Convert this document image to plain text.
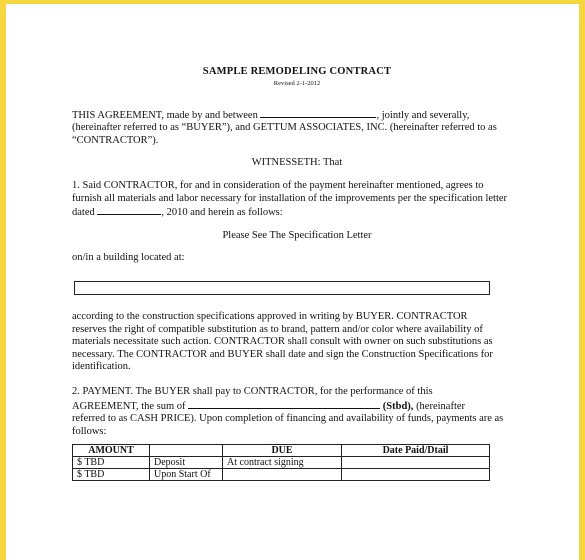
SAMPLE REMODELING CONTRACT
Revised 2-1-2012

THIS AGREEMENT, made by and between	, jointly and severally,
(hereinafter referred to as “BUYER”), and GETTUM ASSOCIATES, INC. (hereinafter referred to as
“CONTRACTOR”).

WITNESSETH: That

1. Said CONTRACTOR, for and in consideration of the payment hereinafter mentioned, agrees to
furnish all materials and labor necessary for installation of the improvements per the specification letter
dated	, 2010 and herein as follows:

Please See The Specification Letter

on/in a building located at:

according to the construction specifications approved in writing by BUYER. CONTRACTOR
reserves the right of compatible substitution as to brand, pattern and/or color where availability of
materials necessitate such action. CONTRACTOR shall consult with owner on such substitutions as
necessary. The CONTRACTOR and BUYER shall date and sign the Construction Specifications for
identification.

2. PAYMENT. The BUYER shall pay to CONTRACTOR, for the performance of this
AGREEMENT, the sum of	(Stbd), (hereinafter
referred to as CASH PRICE). Upon completion of financing and availability of funds, payments are as
follows:

AMOUNT		DUE	Date Paid/Dtail
$ TBD	Deposit	At contract signing	
$ TBD	Upon Start Of		
